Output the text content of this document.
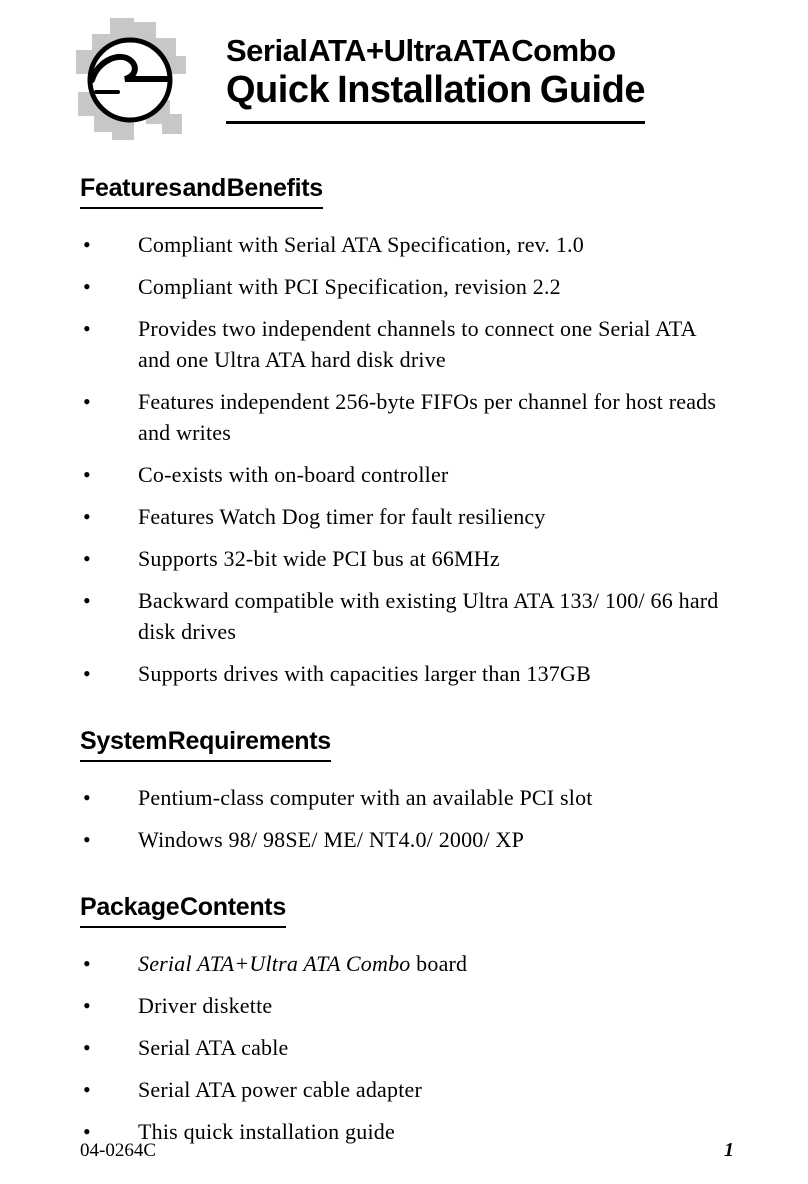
Serial ATA+Ultra ATA Combo
Quick Installation Guide
Features and Benefits
• Compliant with Serial ATA Specification, rev. 1.0
• Compliant with PCI Specification, revision 2.2
• Provides two independent channels to connect one Serial ATA and one Ultra ATA hard disk drive
• Features independent 256-byte FIFOs per channel for host reads and writes
• Co-exists with on-board controller
• Features Watch Dog timer for fault resiliency
• Supports 32-bit wide PCI bus at 66MHz
• Backward compatible with existing Ultra ATA 133/ 100/ 66 hard disk drives
• Supports drives with capacities larger than 137GB
System Requirements
• Pentium-class computer with an available PCI slot
• Windows 98/ 98SE/ ME/ NT4.0/ 2000/ XP
Package Contents
• Serial ATA+Ultra ATA Combo board
• Driver diskette
• Serial ATA cable
• Serial ATA power cable adapter
• This quick installation guide
04-0264C	1
